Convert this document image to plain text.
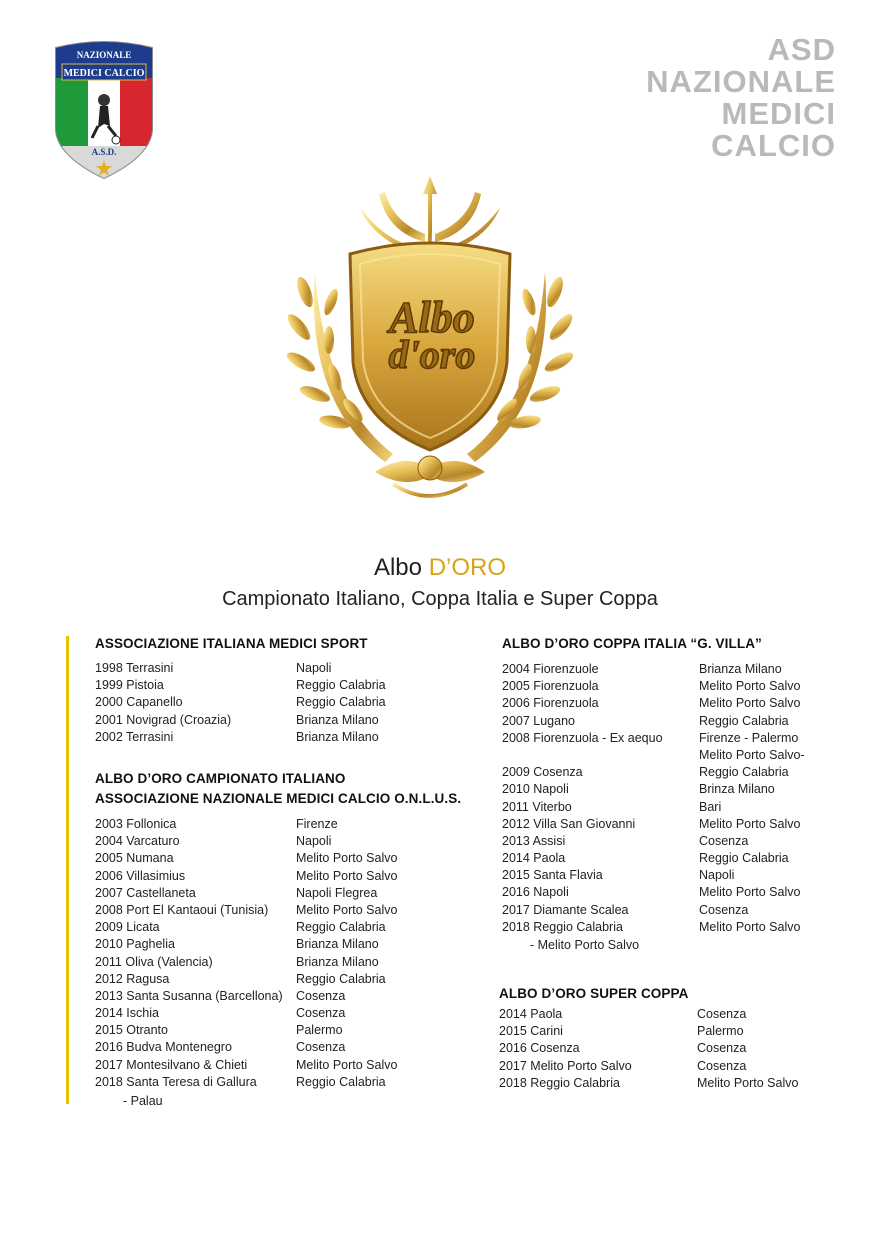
NAZIONALE
MEDICI CALCIO
A.S.D.
ASD
NAZIONALE
MEDICI
CALCIO
Albo
d'oro
Albo D’ORO
Campionato Italiano, Coppa Italia e Super Coppa
ASSOCIAZIONE ITALIANA MEDICI SPORT
1998 Terrasini	Napoli
1999 Pistoia	Reggio Calabria
2000 Capanello	Reggio Calabria
2001 Novigrad (Croazia)	Brianza Milano
2002 Terrasini	Brianza Milano
ALBO D’ORO CAMPIONATO ITALIANO
ASSOCIAZIONE NAZIONALE MEDICI CALCIO O.N.L.U.S.
2003 Follonica	Firenze
2004 Varcaturo	Napoli
2005 Numana	Melito Porto Salvo
2006 Villasimius	Melito Porto Salvo
2007 Castellaneta	Napoli Flegrea
2008 Port El Kantaoui (Tunisia) Melito Porto Salvo
2009 Licata	Reggio Calabria
2010 Paghelia	Brianza Milano
2011 Oliva (Valencia)	Brianza Milano
2012 Ragusa	Reggio Calabria
2013 Santa Susanna (Barcellona) Cosenza
2014 Ischia	Cosenza
2015 Otranto	Palermo
2016 Budva Montenegro	Cosenza
2017 Montesilvano & Chieti	Melito Porto Salvo
2018 Santa Teresa di Gallura	Reggio Calabria
- Palau
ALBO D’ORO COPPA ITALIA “G. VILLA”
2004 Fiorenzuole	Brianza Milano
2005 Fiorenzuola	Melito Porto Salvo
2006 Fiorenzuola	Melito Porto Salvo
2007 Lugano	Reggio Calabria
2008 Fiorenzuola - Ex aequo	Firenze - Palermo
Melito Porto Salvo-
2009 Cosenza	Reggio Calabria
2010 Napoli	Brinza Milano
2011 Viterbo	Bari
2012 Villa San Giovanni	Melito Porto Salvo
2013 Assisi	Cosenza
2014 Paola	Reggio Calabria
2015 Santa Flavia	Napoli
2016 Napoli	Melito Porto Salvo
2017 Diamante Scalea	Cosenza
2018 Reggio Calabria	Melito Porto Salvo
- Melito Porto Salvo
ALBO D’ORO SUPER COPPA
2014 Paola	Cosenza
2015 Carini	Palermo
2016 Cosenza	Cosenza
2017 Melito Porto Salvo	Cosenza
2018 Reggio Calabria	Melito Porto Salvo
